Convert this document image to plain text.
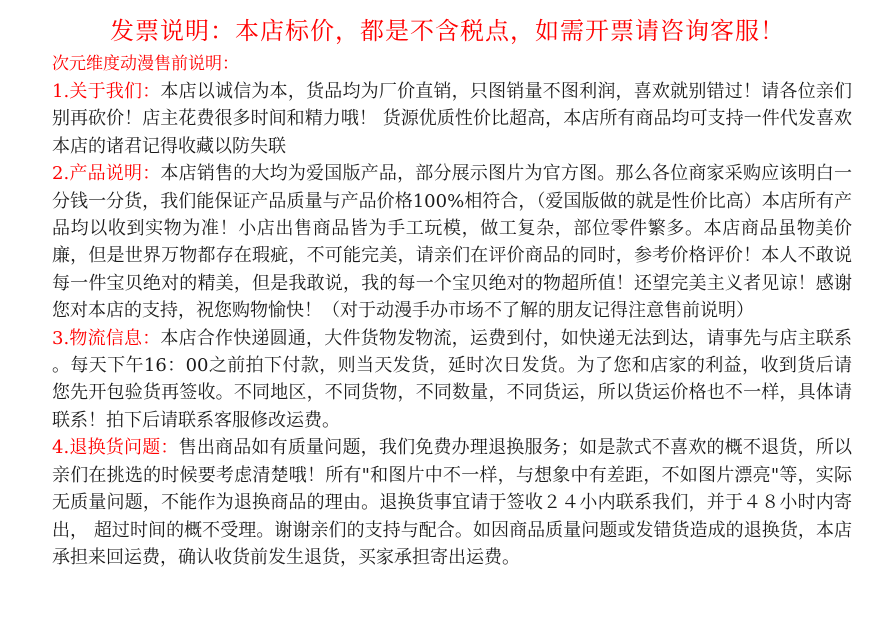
发票说明：本店标价，都是不含税点，如需开票请咨询客服！
次元维度动漫售前说明：

1.关于我们：本店以诚信为本，货品均为厂价直销，只图销量不图利润，喜欢就别错过！请各位亲们别再砍价！店主花费很多时间和精力哦！ 货源优质性价比超高，本店所有商品均可支持一件代发喜欢本店的诸君记得收藏以防失联

2.产品说明：本店销售的大均为爱国版产品，部分展示图片为官方图。那么各位商家采购应该明白一分钱一分货，我们能保证产品质量与产品价格100%相符合，（爱国版做的就是性价比高）本店所有产品均以收到实物为准！小店出售商品皆为手工玩模，做工复杂，部位零件繁多。本店商品虽物美价廉，但是世界万物都存在瑕疵，不可能完美，请亲们在评价商品的同时，参考价格评价！本人不敢说每一件宝贝绝对的精美，但是我敢说，我的每一个宝贝绝对的物超所值！还望完美主义者见谅！感谢您对本店的支持，祝您购物愉快！（对于动漫手办市场不了解的朋友记得注意售前说明）

3.物流信息：本店合作快递圆通，大件货物发物流，运费到付，如快递无法到达，请事先与店主联系 。每天下午16：00之前拍下付款，则当天发货，延时次日发货。为了您和店家的利益，收到货后请您先开包验货再签收。不同地区，不同货物，不同数量，不同货运，所以货运价格也不一样，具体请联系！拍下后请联系客服修改运费。

4.退换货问题：售出商品如有质量问题，我们免费办理退换服务；如是款式不喜欢的概不退货，所以亲们在挑选的时候要考虑清楚哦！所有"和图片中不一样，与想象中有差距，不如图片漂亮"等，实际无质量问题，不能作为退换商品的理由。退换货事宜请于签收２４小内联系我们，并于４８小时内寄出， 超过时间的概不受理。谢谢亲们的支持与配合。如因商品质量问题或发错货造成的退换货，本店承担来回运费，确认收货前发生退货，买家承担寄出运费。
